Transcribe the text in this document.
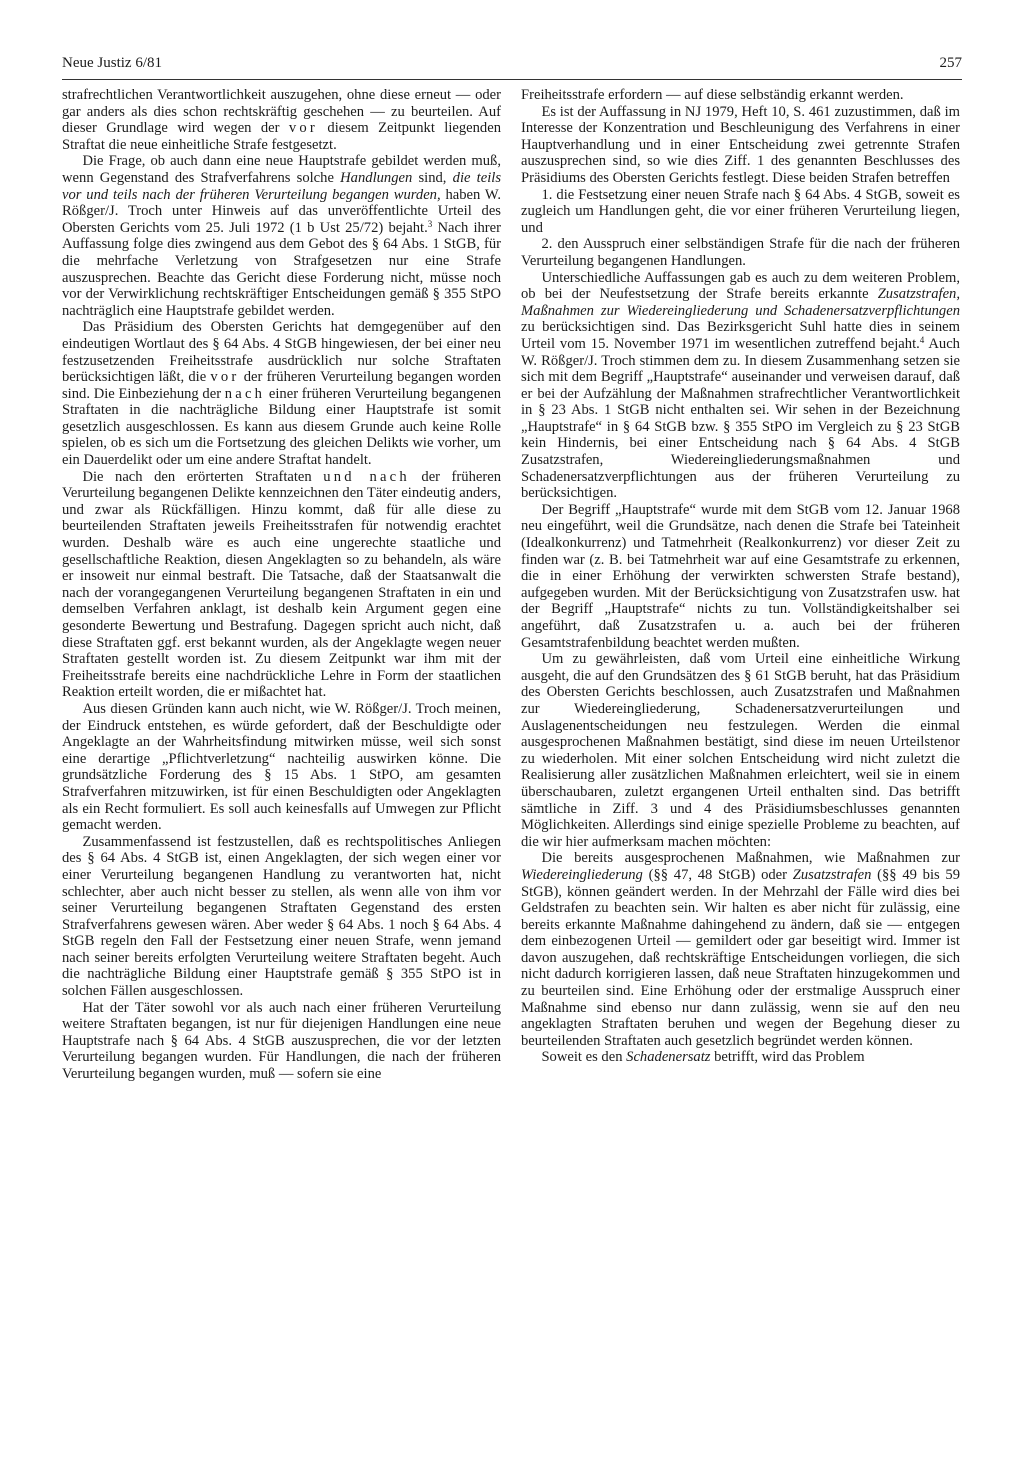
Neue Justiz 6/81	257

strafrechtlichen Verantwortlichkeit auszugehen, ohne diese erneut — oder gar anders als dies schon rechtskräftig geschehen — zu beurteilen. Auf dieser Grundlage wird wegen der vor diesem Zeitpunkt liegenden Straftat die neue einheitliche Strafe festgesetzt.

Die Frage, ob auch dann eine neue Hauptstrafe gebildet werden muß, wenn Gegenstand des Strafverfahrens solche Handlungen sind, die teils vor und teils nach der früheren Verurteilung begangen wurden, haben W. Rößger/J. Troch unter Hinweis auf das unveröffentlichte Urteil des Obersten Gerichts vom 25. Juli 1972 (1 b Ust 25/72) bejaht.$^3$ Nach ihrer Auffassung folge dies zwingend aus dem Gebot des § 64 Abs. 1 StGB, für die mehrfache Verletzung von Strafgesetzen nur eine Strafe auszusprechen. Beachte das Gericht diese Forderung nicht, müsse noch vor der Verwirklichung rechtskräftiger Entscheidungen gemäß § 355 StPO nachträglich eine Hauptstrafe gebildet werden.

Das Präsidium des Obersten Gerichts hat demgegenüber auf den eindeutigen Wortlaut des § 64 Abs. 4 StGB hingewiesen, der bei einer neu festzusetzenden Freiheitsstrafe ausdrücklich nur solche Straftaten berücksichtigen läßt, die vor der früheren Verurteilung begangen worden sind. Die Einbeziehung der nach einer früheren Verurteilung begangenen Straftaten in die nachträgliche Bildung einer Hauptstrafe ist somit gesetzlich ausgeschlossen. Es kann aus diesem Grunde auch keine Rolle spielen, ob es sich um die Fortsetzung des gleichen Delikts wie vorher, um ein Dauerdelikt oder um eine andere Straftat handelt.

Die nach den erörterten Straftaten und nach der früheren Verurteilung begangenen Delikte kennzeichnen den Täter eindeutig anders, und zwar als Rückfälligen. Hinzu kommt, daß für alle diese zu beurteilenden Straftaten jeweils Freiheitsstrafen für notwendig erachtet wurden. Deshalb wäre es auch eine ungerechte staatliche und gesellschaftliche Reaktion, diesen Angeklagten so zu behandeln, als wäre er insoweit nur einmal bestraft. Die Tatsache, daß der Staatsanwalt die nach der vorangegangenen Verurteilung begangenen Straftaten in ein und demselben Verfahren anklagt, ist deshalb kein Argument gegen eine gesonderte Bewertung und Bestrafung. Dagegen spricht auch nicht, daß diese Straftaten ggf. erst bekannt wurden, als der Angeklagte wegen neuer Straftaten gestellt worden ist. Zu diesem Zeitpunkt war ihm mit der Freiheitsstrafe bereits eine nachdrückliche Lehre in Form der staatlichen Reaktion erteilt worden, die er mißachtet hat.

Aus diesen Gründen kann auch nicht, wie W. Rößger/J. Troch meinen, der Eindruck entstehen, es würde gefordert, daß der Beschuldigte oder Angeklagte an der Wahrheitsfindung mitwirken müsse, weil sich sonst eine derartige „Pflichtverletzung“ nachteilig auswirken könne. Die grundsätzliche Forderung des § 15 Abs. 1 StPO, am gesamten Strafverfahren mitzuwirken, ist für einen Beschuldigten oder Angeklagten als ein Recht formuliert. Es soll auch keinesfalls auf Umwegen zur Pflicht gemacht werden.

Zusammenfassend ist festzustellen, daß es rechtspolitisches Anliegen des § 64 Abs. 4 StGB ist, einen Angeklagten, der sich wegen einer vor einer Verurteilung begangenen Handlung zu verantworten hat, nicht schlechter, aber auch nicht besser zu stellen, als wenn alle von ihm vor seiner Verurteilung begangenen Straftaten Gegenstand des ersten Strafverfahrens gewesen wären. Aber weder § 64 Abs. 1 noch § 64 Abs. 4 StGB regeln den Fall der Festsetzung einer neuen Strafe, wenn jemand nach seiner bereits erfolgten Verurteilung weitere Straftaten begeht. Auch die nachträgliche Bildung einer Hauptstrafe gemäß § 355 StPO ist in solchen Fällen ausgeschlossen.

Hat der Täter sowohl vor als auch nach einer früheren Verurteilung weitere Straftaten begangen, ist nur für diejenigen Handlungen eine neue Hauptstrafe nach § 64 Abs. 4 StGB auszusprechen, die vor der letzten Verurteilung begangen wurden. Für Handlungen, die nach der früheren Verurteilung begangen wurden, muß — sofern sie eine

Freiheitsstrafe erfordern — auf diese selbständig erkannt werden.

Es ist der Auffassung in NJ 1979, Heft 10, S. 461 zuzustimmen, daß im Interesse der Konzentration und Beschleunigung des Verfahrens in einer Hauptverhandlung und in einer Entscheidung zwei getrennte Strafen auszusprechen sind, so wie dies Ziff. 1 des genannten Beschlusses des Präsidiums des Obersten Gerichts festlegt. Diese beiden Strafen betreffen

1. die Festsetzung einer neuen Strafe nach § 64 Abs. 4 StGB, soweit es zugleich um Handlungen geht, die vor einer früheren Verurteilung liegen, und

2. den Ausspruch einer selbständigen Strafe für die nach der früheren Verurteilung begangenen Handlungen.

Unterschiedliche Auffassungen gab es auch zu dem weiteren Problem, ob bei der Neufestsetzung der Strafe bereits erkannte Zusatzstrafen, Maßnahmen zur Wiedereingliederung und Schadenersatzverpflichtungen zu berücksichtigen sind. Das Bezirksgericht Suhl hatte dies in seinem Urteil vom 15. November 1971 im wesentlichen zutreffend bejaht.$^4$ Auch W. Rößger/J. Troch stimmen dem zu. In diesem Zusammenhang setzen sie sich mit dem Begriff „Hauptstrafe“ auseinander und verweisen darauf, daß er bei der Aufzählung der Maßnahmen strafrechtlicher Verantwortlichkeit in § 23 Abs. 1 StGB nicht enthalten sei. Wir sehen in der Bezeichnung „Hauptstrafe“ in § 64 StGB bzw. § 355 StPO im Vergleich zu § 23 StGB kein Hindernis, bei einer Entscheidung nach § 64 Abs. 4 StGB Zusatzstrafen, Wiedereingliederungsmaßnahmen und Schadenersatzverpflichtungen aus der früheren Verurteilung zu berücksichtigen.

Der Begriff „Hauptstrafe“ wurde mit dem StGB vom 12. Januar 1968 neu eingeführt, weil die Grundsätze, nach denen die Strafe bei Tateinheit (Idealkonkurrenz) und Tatmehrheit (Realkonkurrenz) vor dieser Zeit zu finden war (z. B. bei Tatmehrheit war auf eine Gesamtstrafe zu erkennen, die in einer Erhöhung der verwirkten schwersten Strafe bestand), aufgegeben wurden. Mit der Berücksichtigung von Zusatzstrafen usw. hat der Begriff „Hauptstrafe“ nichts zu tun. Vollständigkeitshalber sei angeführt, daß Zusatzstrafen u. a. auch bei der früheren Gesamtstrafenbildung beachtet werden mußten.

Um zu gewährleisten, daß vom Urteil eine einheitliche Wirkung ausgeht, die auf den Grundsätzen des § 61 StGB beruht, hat das Präsidium des Obersten Gerichts beschlossen, auch Zusatzstrafen und Maßnahmen zur Wiedereingliederung, Schadenersatzverurteilungen und Auslagenentscheidungen neu festzulegen. Werden die einmal ausgesprochenen Maßnahmen bestätigt, sind diese im neuen Urteilstenor zu wiederholen. Mit einer solchen Entscheidung wird nicht zuletzt die Realisierung aller zusätzlichen Maßnahmen erleichtert, weil sie in einem überschaubaren, zuletzt ergangenen Urteil enthalten sind. Das betrifft sämtliche in Ziff. 3 und 4 des Präsidiumsbeschlusses genannten Möglichkeiten. Allerdings sind einige spezielle Probleme zu beachten, auf die wir hier aufmerksam machen möchten:

Die bereits ausgesprochenen Maßnahmen, wie Maßnahmen zur Wiedereingliederung (§§ 47, 48 StGB) oder Zusatzstrafen (§§ 49 bis 59 StGB), können geändert werden. In der Mehrzahl der Fälle wird dies bei Geldstrafen zu beachten sein. Wir halten es aber nicht für zulässig, eine bereits erkannte Maßnahme dahingehend zu ändern, daß sie — entgegen dem einbezogenen Urteil — gemildert oder gar beseitigt wird. Immer ist davon auszugehen, daß rechtskräftige Entscheidungen vorliegen, die sich nicht dadurch korrigieren lassen, daß neue Straftaten hinzugekommen und zu beurteilen sind. Eine Erhöhung oder der erstmalige Ausspruch einer Maßnahme sind ebenso nur dann zulässig, wenn sie auf den neu angeklagten Straftaten beruhen und wegen der Begehung dieser zu beurteilenden Straftaten auch gesetzlich begründet werden können.

Soweit es den Schadenersatz betrifft, wird das Problem
